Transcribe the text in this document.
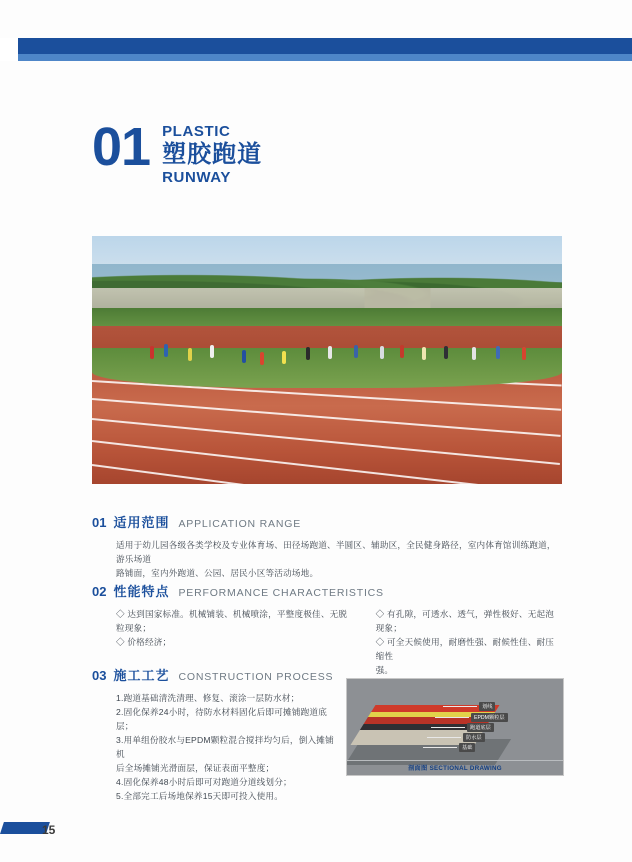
01 PLASTIC
塑胶跑道
RUNWAY
01 适用范围 APPLICATION RANGE

适用于幼儿园各级各类学校及专业体育场、田径场跑道、半圆区、辅助区，全民健身路径，室内体育馆训练跑道，游乐场道

路铺面，室内外跑道、公园、居民小区等活动场地。

02 性能特点 PERFORMANCE CHARACTERISTICS

◇ 达到国家标准。机械铺装、机械喷涂，平整度极佳、无脱

粒现象；

◇ 价格经济；

◇ 有孔隙，可透水、透气，弹性极好、无起泡现象；

◇ 可全天候使用，耐磨性强、耐候性佳、耐压缩性

强。

03 施工工艺 CONSTRUCTION PROCESS

1.跑道基础清洗清理、修复、滚涂一层防水材；

2.固化保养24小时，待防水材料固化后即可摊铺跑道底层；

3.用单组份胶水与EPDM颗粒混合搅拌均匀后，倒入摊铺机

后全场摊铺光滑面层，保证表面平整度；

4.固化保养48小时后即可对跑道分道线划分；

5.全部完工后场地保养15天即可投入使用。

划线
EPDM颗粒层
跑道底层
防水层
基础
剖面图 SECTIONAL DRAWING
15
